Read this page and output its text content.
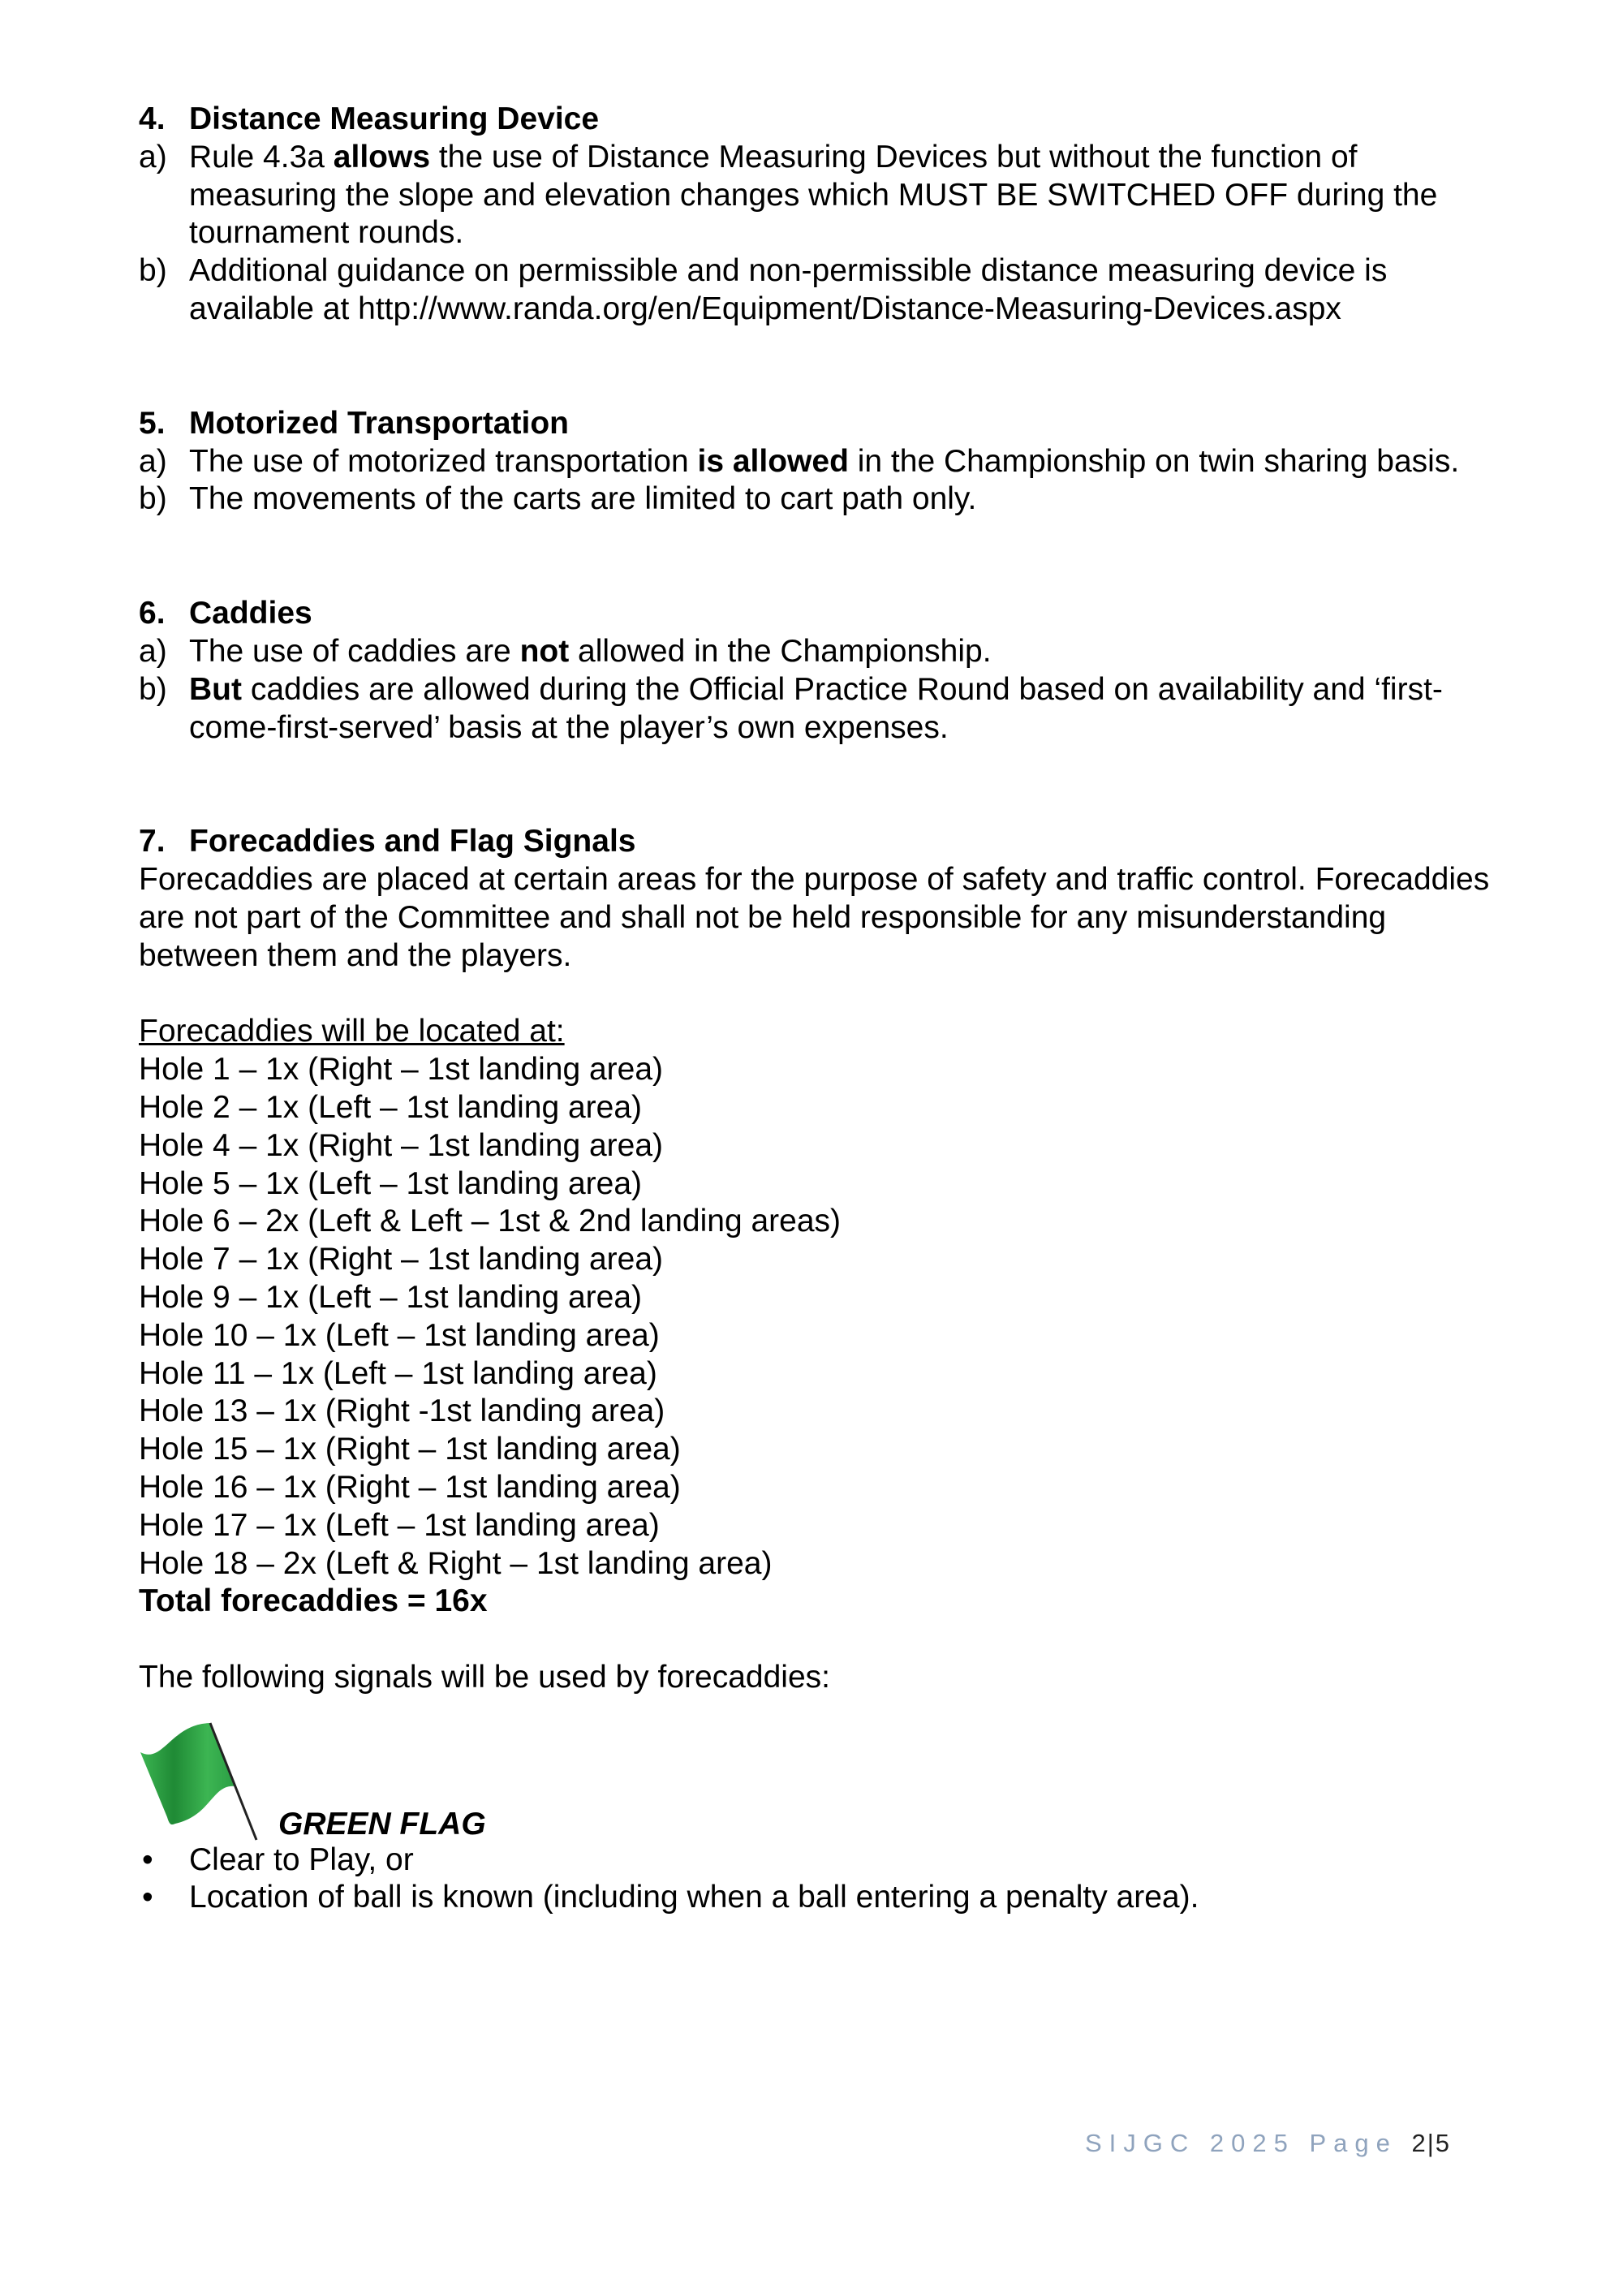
4. Distance Measuring Device
a) Rule 4.3a allows the use of Distance Measuring Devices but without the function of measuring the slope and elevation changes which MUST BE SWITCHED OFF during the tournament rounds.
b) Additional guidance on permissible and non-permissible distance measuring device is available at http://www.randa.org/en/Equipment/Distance-Measuring-Devices.aspx
5. Motorized Transportation
a) The use of motorized transportation is allowed in the Championship on twin sharing basis.
b) The movements of the carts are limited to cart path only.
6. Caddies
a) The use of caddies are not allowed in the Championship.
b) But caddies are allowed during the Official Practice Round based on availability and ‘first-come-first-served’ basis at the player’s own expenses.
7. Forecaddies and Flag Signals
Forecaddies are placed at certain areas for the purpose of safety and traffic control. Forecaddies are not part of the Committee and shall not be held responsible for any misunderstanding between them and the players.
Forecaddies will be located at:
Hole 1 – 1x (Right – 1st landing area)
Hole 2 – 1x (Left – 1st landing area)
Hole 4 – 1x (Right – 1st landing area)
Hole 5 – 1x (Left – 1st landing area)
Hole 6 – 2x (Left & Left – 1st & 2nd landing areas)
Hole 7 – 1x (Right – 1st landing area)
Hole 9 – 1x (Left – 1st landing area)
Hole 10 – 1x (Left – 1st landing area)
Hole 11 – 1x (Left – 1st landing area)
Hole 13 – 1x (Right -1st landing area)
Hole 15 – 1x (Right – 1st landing area)
Hole 16 – 1x (Right – 1st landing area)
Hole 17 – 1x (Left – 1st landing area)
Hole 18 – 2x (Left & Right – 1st landing area)
Total forecaddies = 16x
The following signals will be used by forecaddies:
GREEN FLAG
•	Clear to Play, or
•	Location of ball is known (including when a ball entering a penalty area).
SIJGC 2025 Page 2|5
